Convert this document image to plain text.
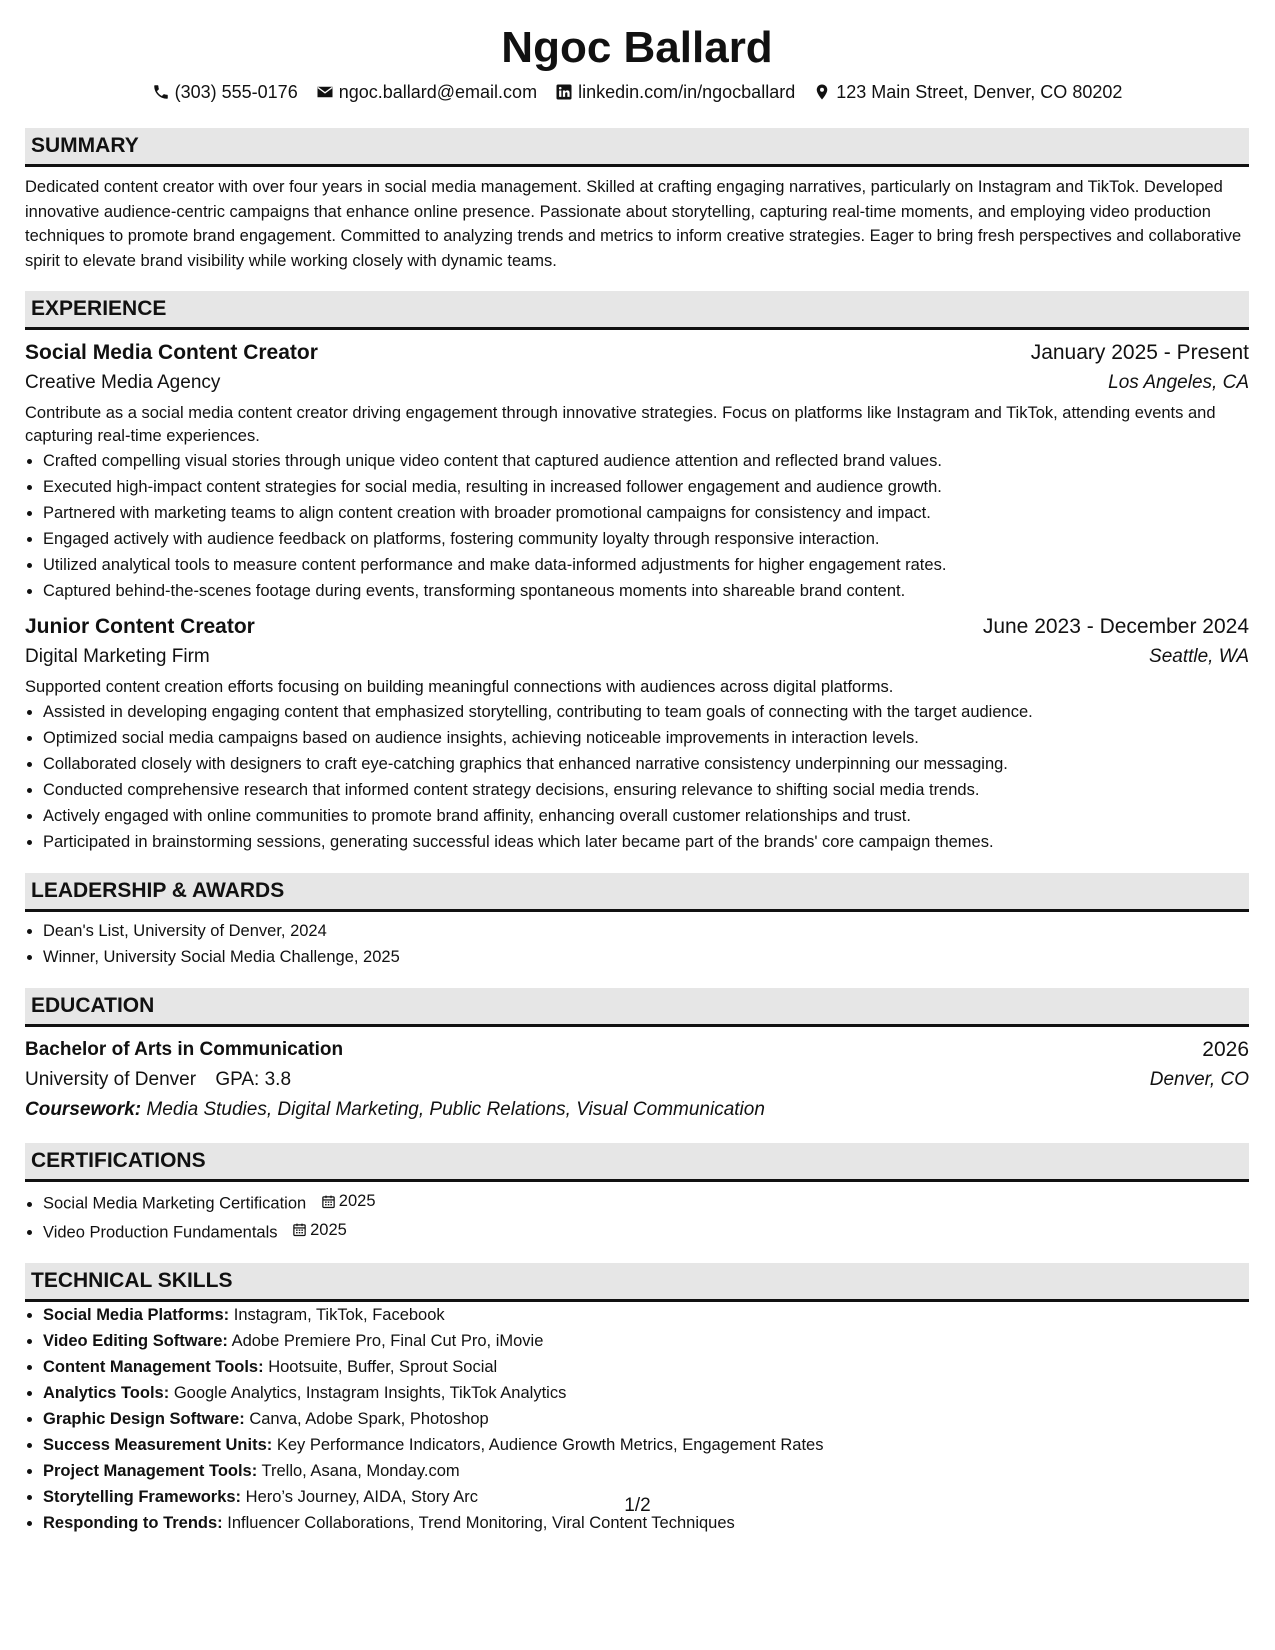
Ngoc Ballard
(303) 555-0176 ngoc.ballard@email.com linkedin.com/in/ngocballard 123 Main Street, Denver, CO 80202
SUMMARY
Dedicated content creator with over four years in social media management. Skilled at crafting engaging narratives, particularly on Instagram and TikTok. Developed innovative audience-centric campaigns that enhance online presence. Passionate about storytelling, capturing real-time moments, and employing video production techniques to promote brand engagement. Committed to analyzing trends and metrics to inform creative strategies. Eager to bring fresh perspectives and collaborative spirit to elevate brand visibility while working closely with dynamic teams.
EXPERIENCE
Social Media Content Creator	January 2025 - Present
Creative Media Agency	Los Angeles, CA
Contribute as a social media content creator driving engagement through innovative strategies. Focus on platforms like Instagram and TikTok, attending events and capturing real-time experiences.
• Crafted compelling visual stories through unique video content that captured audience attention and reflected brand values.
• Executed high-impact content strategies for social media, resulting in increased follower engagement and audience growth.
• Partnered with marketing teams to align content creation with broader promotional campaigns for consistency and impact.
• Engaged actively with audience feedback on platforms, fostering community loyalty through responsive interaction.
• Utilized analytical tools to measure content performance and make data-informed adjustments for higher engagement rates.
• Captured behind-the-scenes footage during events, transforming spontaneous moments into shareable brand content.
Junior Content Creator	June 2023 - December 2024
Digital Marketing Firm	Seattle, WA
Supported content creation efforts focusing on building meaningful connections with audiences across digital platforms.
• Assisted in developing engaging content that emphasized storytelling, contributing to team goals of connecting with the target audience.
• Optimized social media campaigns based on audience insights, achieving noticeable improvements in interaction levels.
• Collaborated closely with designers to craft eye-catching graphics that enhanced narrative consistency underpinning our messaging.
• Conducted comprehensive research that informed content strategy decisions, ensuring relevance to shifting social media trends.
• Actively engaged with online communities to promote brand affinity, enhancing overall customer relationships and trust.
• Participated in brainstorming sessions, generating successful ideas which later became part of the brands' core campaign themes.
LEADERSHIP & AWARDS
• Dean's List, University of Denver, 2024
• Winner, University Social Media Challenge, 2025
EDUCATION
Bachelor of Arts in Communication	2026
University of Denver GPA: 3.8	Denver, CO
Coursework: Media Studies, Digital Marketing, Public Relations, Visual Communication
CERTIFICATIONS
• Social Media Marketing Certification 2025
• Video Production Fundamentals 2025
TECHNICAL SKILLS
• Social Media Platforms: Instagram, TikTok, Facebook
• Video Editing Software: Adobe Premiere Pro, Final Cut Pro, iMovie
• Content Management Tools: Hootsuite, Buffer, Sprout Social
• Analytics Tools: Google Analytics, Instagram Insights, TikTok Analytics
• Graphic Design Software: Canva, Adobe Spark, Photoshop
• Success Measurement Units: Key Performance Indicators, Audience Growth Metrics, Engagement Rates
• Project Management Tools: Trello, Asana, Monday.com
• Storytelling Frameworks: Hero’s Journey, AIDA, Story Arc
• Responding to Trends: Influencer Collaborations, Trend Monitoring, Viral Content Techniques
1/2
